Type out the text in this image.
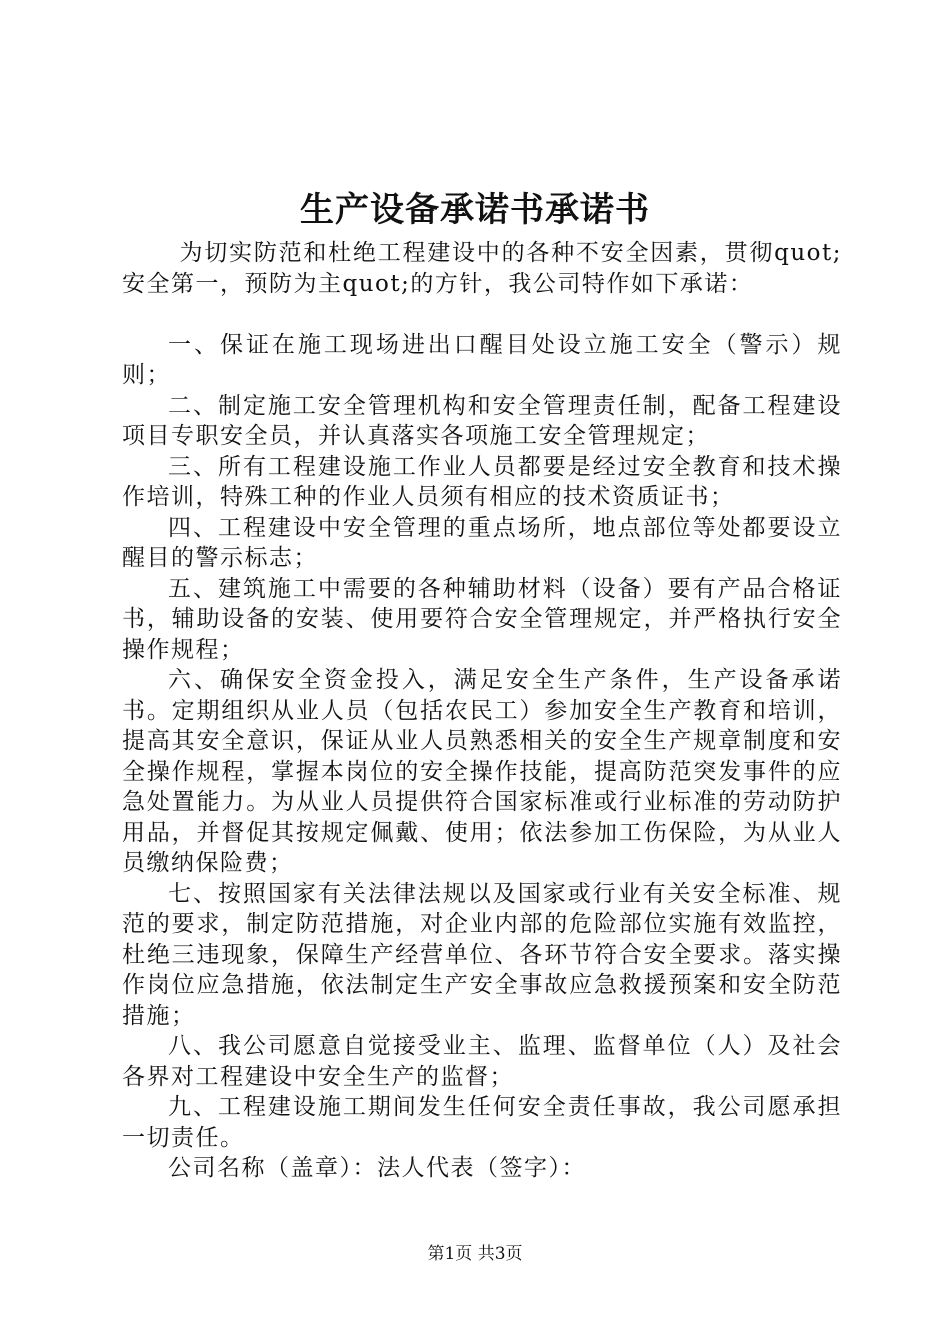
生产设备承诺书承诺书

为切实防范和杜绝工程建设中的各种不安全因素，贯彻quot;安全第一，预防为主quot;的方针，我公司特作如下承诺：

一、保证在施工现场进出口醒目处设立施工安全（警示）规则；

二、制定施工安全管理机构和安全管理责任制，配备工程建设项目专职安全员，并认真落实各项施工安全管理规定；

三、所有工程建设施工作业人员都要是经过安全教育和技术操作培训，特殊工种的作业人员须有相应的技术资质证书；

四、工程建设中安全管理的重点场所，地点部位等处都要设立醒目的警示标志；

五、建筑施工中需要的各种辅助材料（设备）要有产品合格证书，辅助设备的安装、使用要符合安全管理规定，并严格执行安全操作规程；

六、确保安全资金投入，满足安全生产条件，生产设备承诺书。定期组织从业人员（包括农民工）参加安全生产教育和培训，提高其安全意识，保证从业人员熟悉相关的安全生产规章制度和安全操作规程，掌握本岗位的安全操作技能，提高防范突发事件的应急处置能力。为从业人员提供符合国家标准或行业标准的劳动防护用品，并督促其按规定佩戴、使用；依法参加工伤保险，为从业人员缴纳保险费；

七、按照国家有关法律法规以及国家或行业有关安全标准、规范的要求，制定防范措施，对企业内部的危险部位实施有效监控，杜绝三违现象，保障生产经营单位、各环节符合安全要求。落实操作岗位应急措施，依法制定生产安全事故应急救援预案和安全防范措施；

八、我公司愿意自觉接受业主、监理、监督单位（人）及社会各界对工程建设中安全生产的监督；

九、工程建设施工期间发生任何安全责任事故，我公司愿承担一切责任。

公司名称（盖章）：法人代表（签字）：

第1页 共3页
